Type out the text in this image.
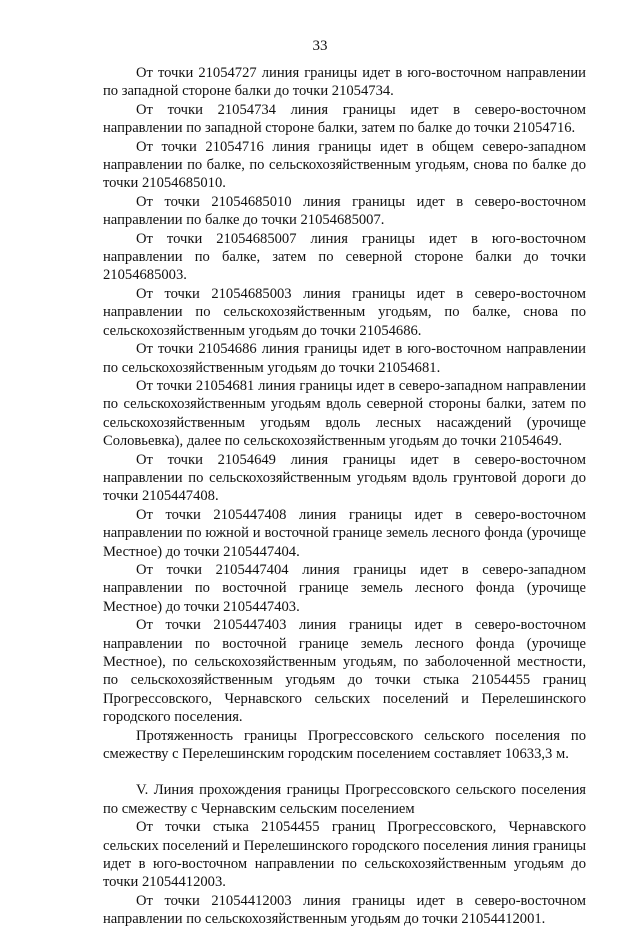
33

От точки 21054727 линия границы идет в юго-восточном направлении по западной стороне балки до точки 21054734.

От точки 21054734 линия границы идет в северо-восточном направлении по западной стороне балки, затем по балке до точки 21054716.

От точки 21054716 линия границы идет в общем северо-западном направлении по балке, по сельскохозяйственным угодьям, снова по балке до точки 21054685010.

От точки 21054685010 линия границы идет в северо-восточном направлении по балке до точки 21054685007.

От точки 21054685007 линия границы идет в юго-восточном направлении по балке, затем по северной стороне балки до точки 21054685003.

От точки 21054685003 линия границы идет в северо-восточном направлении по сельскохозяйственным угодьям, по балке, снова по сельскохозяйственным угодьям до точки 21054686.

От точки 21054686 линия границы идет в юго-восточном направлении по сельскохозяйственным угодьям до точки 21054681.

От точки 21054681 линия границы идет в северо-западном направлении по сельскохозяйственным угодьям вдоль северной стороны балки, затем по сельскохозяйственным угодьям вдоль лесных насаждений (урочище Соловьевка), далее по сельскохозяйственным угодьям до точки 21054649.

От точки 21054649 линия границы идет в северо-восточном направлении по сельскохозяйственным угодьям вдоль грунтовой дороги до точки 2105447408.

От точки 2105447408 линия границы идет в северо-восточном направлении по южной и восточной границе земель лесного фонда (урочище Местное) до точки 2105447404.

От точки 2105447404 линия границы идет в северо-западном направлении по восточной границе земель лесного фонда (урочище Местное) до точки 2105447403.

От точки 2105447403 линия границы идет в северо-восточном направлении по восточной границе земель лесного фонда (урочище Местное), по сельскохозяйственным угодьям, по заболоченной местности, по сельскохозяйственным угодьям до точки стыка 21054455 границ Прогрессовского, Чернавского сельских поселений и Перелешинского городского поселения.

Протяженность границы Прогрессовского сельского поселения по смежеству с Перелешинским городским поселением составляет 10633,3 м.

V. Линия прохождения границы Прогрессовского сельского поселения по смежеству с Чернавским сельским поселением

От точки стыка 21054455 границ Прогрессовского, Чернавского сельских поселений и Перелешинского городского поселения линия границы идет в юго-восточном направлении по сельскохозяйственным угодьям до точки 21054412003.

От точки 21054412003 линия границы идет в северо-восточном направлении по сельскохозяйственным угодьям до точки 21054412001.
